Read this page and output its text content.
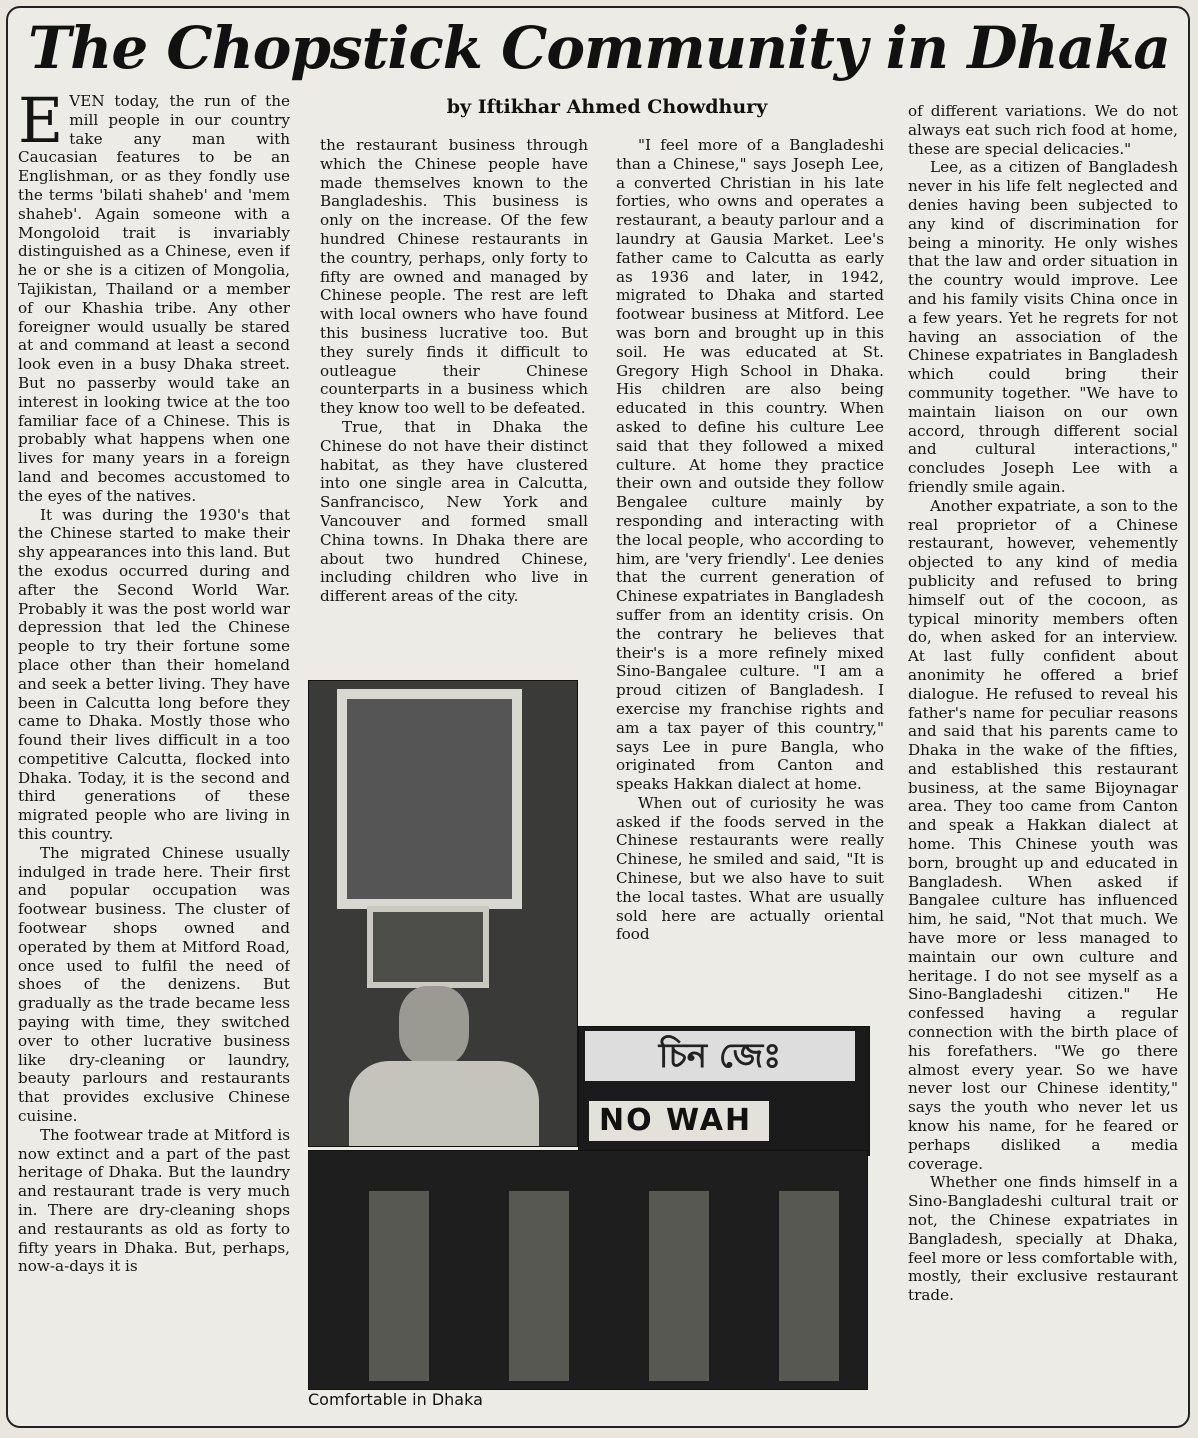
The Chopstick Community in Dhaka
by Iftikhar Ahmed Chowdhury

EVEN today, the run of the mill people in our country take any man with Caucasian features to be an Englishman, or as they fondly use the terms 'bilati shaheb' and 'mem shaheb'. Again someone with a Mongoloid trait is invariably distinguished as a Chinese, even if he or she is a citizen of Mongolia, Tajikistan, Thailand or a member of our Khashia tribe. Any other foreigner would usually be stared at and command at least a second look even in a busy Dhaka street. But no passerby would take an interest in looking twice at the too familiar face of a Chinese. This is probably what happens when one lives for many years in a foreign land and becomes accustomed to the eyes of the natives.

It was during the 1930's that the Chinese started to make their shy appearances into this land. But the exodus occurred during and after the Second World War. Probably it was the post world war depression that led the Chinese people to try their fortune some place other than their homeland and seek a better living. They have been in Calcutta long before they came to Dhaka. Mostly those who found their lives difficult in a too competitive Calcutta, flocked into Dhaka. Today, it is the second and third generations of these migrated people who are living in this country.

The migrated Chinese usually indulged in trade here. Their first and popular occupation was footwear business. The cluster of footwear shops owned and operated by them at Mitford Road, once used to fulfil the need of shoes of the denizens. But gradually as the trade became less paying with time, they switched over to other lucrative business like dry-cleaning or laundry, beauty parlours and restaurants that provides exclusive Chinese cuisine.

The footwear trade at Mitford is now extinct and a part of the past heritage of Dhaka. But the laundry and restaurant trade is very much in. There are dry-cleaning shops and restaurants as old as forty to fifty years in Dhaka. But, perhaps, now-a-days it is

the restaurant business through which the Chinese people have made themselves known to the Bangladeshis. This business is only on the increase. Of the few hundred Chinese restaurants in the country, perhaps, only forty to fifty are owned and managed by Chinese people. The rest are left with local owners who have found this business lucrative too. But they surely finds it difficult to outleague their Chinese counterparts in a business which they know too well to be defeated.

True, that in Dhaka the Chinese do not have their distinct habitat, as they have clustered into one single area in Calcutta, Sanfrancisco, New York and Vancouver and formed small China towns. In Dhaka there are about two hundred Chinese, including children who live in different areas of the city.

"I feel more of a Bangladeshi than a Chinese," says Joseph Lee, a converted Christian in his late forties, who owns and operates a restaurant, a beauty parlour and a laundry at Gausia Market. Lee's father came to Calcutta as early as 1936 and later, in 1942, migrated to Dhaka and started footwear business at Mitford. Lee was born and brought up in this soil. He was educated at St. Gregory High School in Dhaka. His children are also being educated in this country. When asked to define his culture Lee said that they followed a mixed culture. At home they practice their own and outside they follow Bengalee culture mainly by responding and interacting with the local people, who according to him, are 'very friendly'. Lee denies that the current generation of Chinese expatriates in Bangladesh suffer from an identity crisis. On the contrary he believes that their's is a more refinely mixed Sino-Bangalee culture. "I am a proud citizen of Bangladesh. I exercise my franchise rights and am a tax payer of this country," says Lee in pure Bangla, who originated from Canton and speaks Hakkan dialect at home.

When out of curiosity he was asked if the foods served in the Chinese restaurants were really Chinese, he smiled and said, "It is Chinese, but we also have to suit the local tastes. What are usually sold here are actually oriental food

of different variations. We do not always eat such rich food at home, these are special delicacies."

Lee, as a citizen of Bangladesh never in his life felt neglected and denies having been subjected to any kind of discrimination for being a minority. He only wishes that the law and order situation in the country would improve. Lee and his family visits China once in a few years. Yet he regrets for not having an association of the Chinese expatriates in Bangladesh which could bring their community together. "We have to maintain liaison on our own accord, through different social and cultural interactions," concludes Joseph Lee with a friendly smile again.

Another expatriate, a son to the real proprietor of a Chinese restaurant, however, vehemently objected to any kind of media publicity and refused to bring himself out of the cocoon, as typical minority members often do, when asked for an interview. At last fully confident about anonimity he offered a brief dialogue. He refused to reveal his father's name for peculiar reasons and said that his parents came to Dhaka in the wake of the fifties, and established this restaurant business, at the same Bijoynagar area. They too came from Canton and speak a Hakkan dialect at home. This Chinese youth was born, brought up and educated in Bangladesh. When asked if Bangalee culture has influenced him, he said, "Not that much. We have more or less managed to maintain our own culture and heritage. I do not see myself as a Sino-Bangladeshi citizen." He confessed having a regular connection with the birth place of his forefathers. "We go there almost every year. So we have never lost our Chinese identity," says the youth who never let us know his name, for he feared or perhaps disliked a media coverage.

Whether one finds himself in a Sino-Bangladeshi cultural trait or not, the Chinese expatriates in Bangladesh, specially at Dhaka, feel more or less comfortable with, mostly, their exclusive restaurant trade.

চিন জেঃ
NO WAH
Comfortable in Dhaka
